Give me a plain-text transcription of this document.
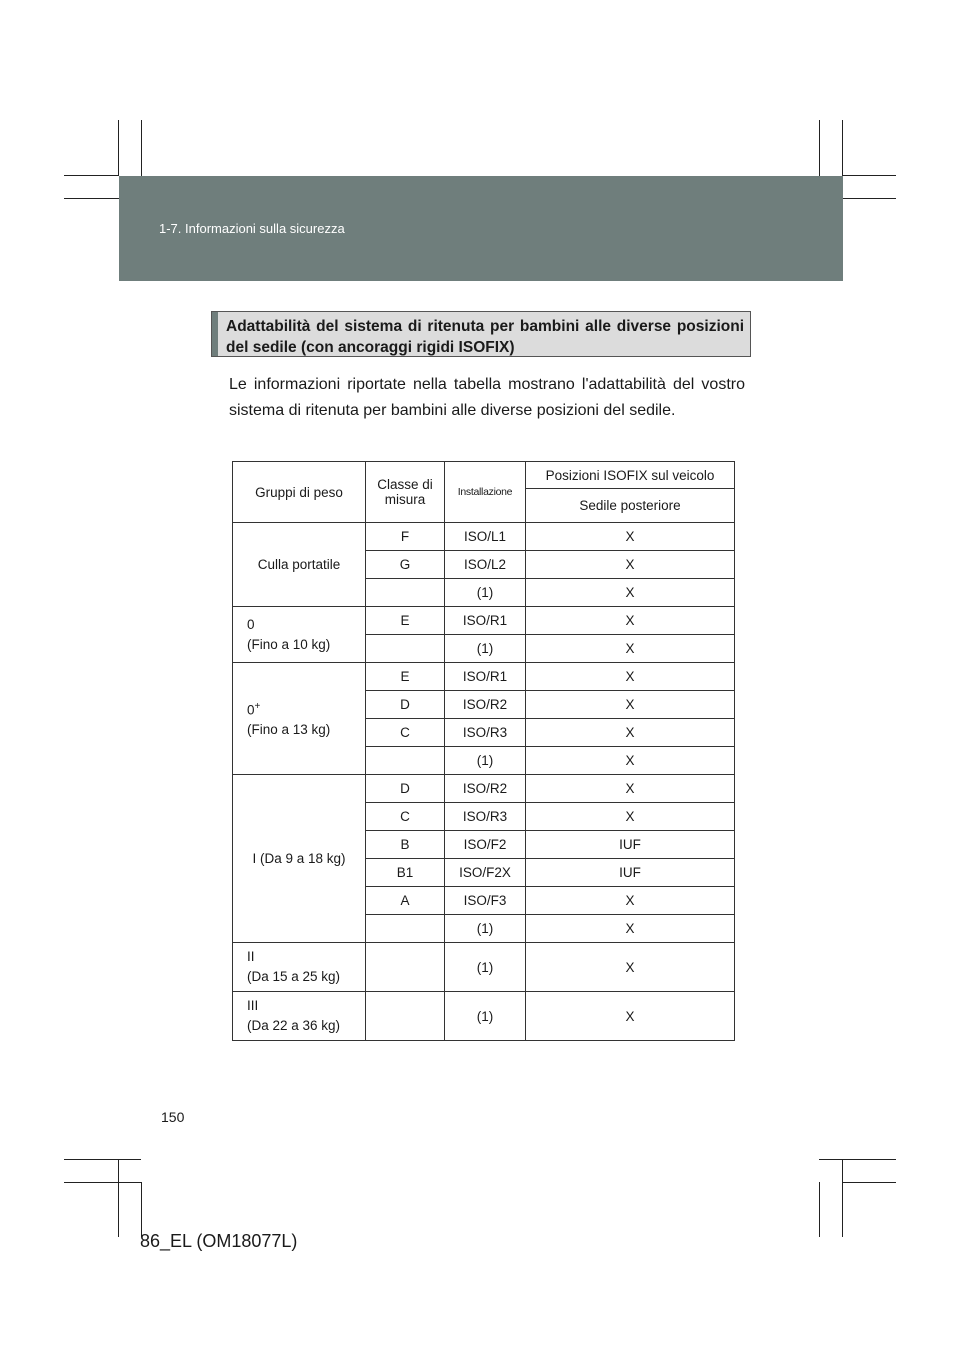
1-7. Informazioni sulla sicurezza
Adattabilità del sistema di ritenuta per bambini alle diverse posizioni del sedile (con ancoraggi rigidi ISOFIX)
Le informazioni riportate nella tabella mostrano l'adattabilità del vostro sistema di ritenuta per bambini alle diverse posizioni del sedile.
Gruppi di peso	Classe di misura	Installazione	Posizioni ISOFIX sul veicolo
			Sedile posteriore
Culla portatile	F	ISO/L1	X
	G	ISO/L2	X
		(1)	X
0
(Fino a 10 kg)	E	ISO/R1	X
		(1)	X
0+
(Fino a 13 kg)	E	ISO/R1	X
	D	ISO/R2	X
	C	ISO/R3	X
		(1)	X
I (Da 9 a 18 kg)	D	ISO/R2	X
	C	ISO/R3	X
	B	ISO/F2	IUF
	B1	ISO/F2X	IUF
	A	ISO/F3	X
		(1)	X
II
(Da 15 a 25 kg)		(1)	X
III
(Da 22 a 36 kg)		(1)	X
150
86_EL (OM18077L)
